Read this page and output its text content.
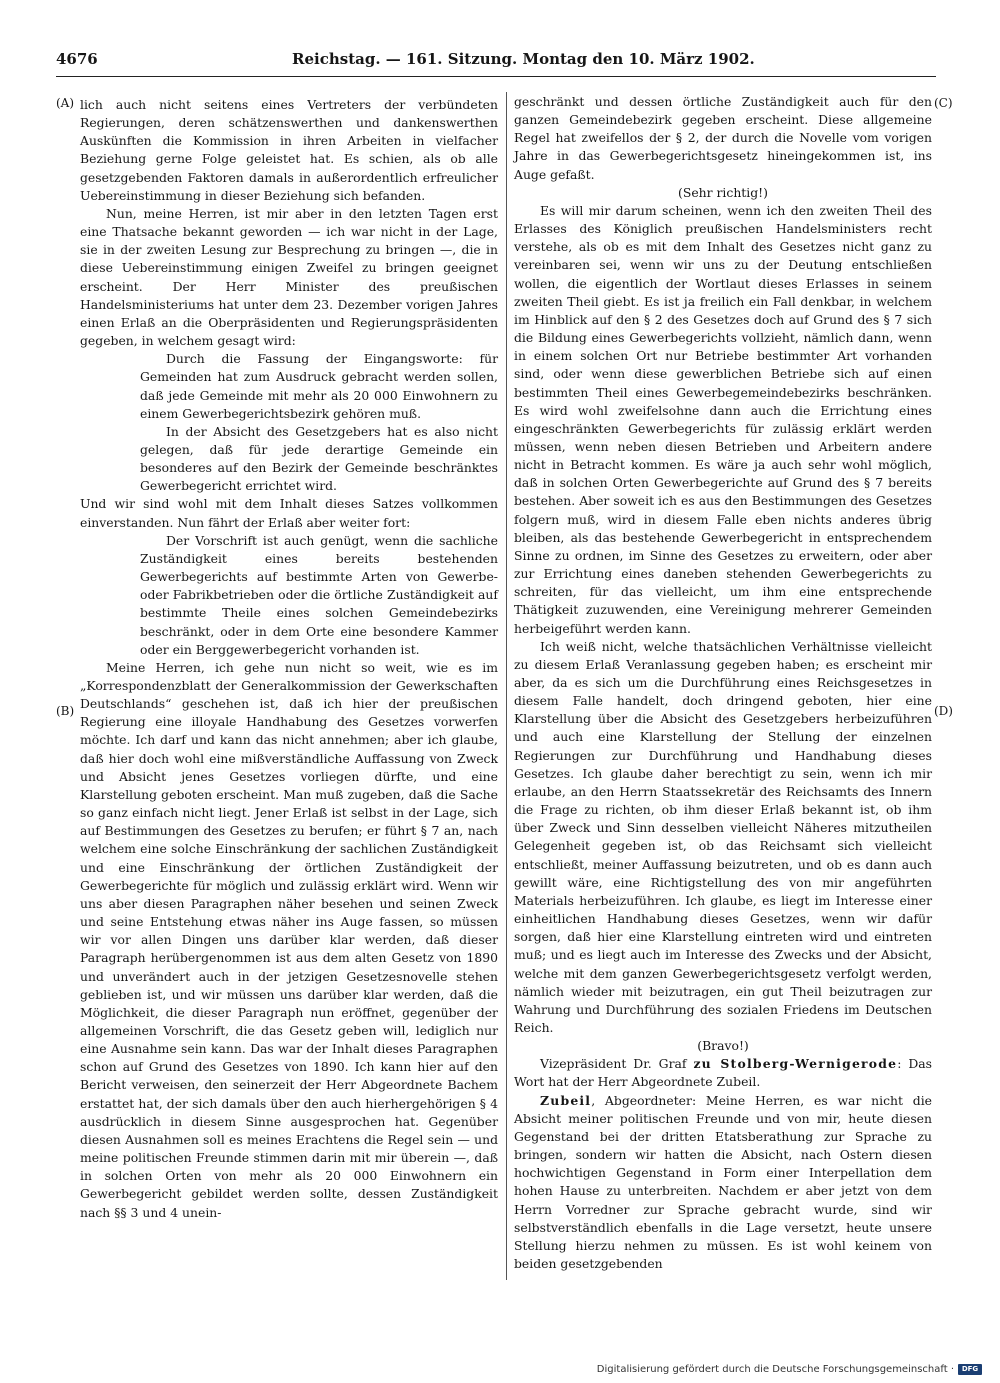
4676	Reichstag. — 161. Sitzung. Montag den 10. März 1902.
(A)
(B)
(C)
(D)

lich auch nicht seitens eines Vertreters der verbündeten Regierungen, deren schätzenswerthen und dankenswerthen Auskünften die Kommission in ihren Arbeiten in vielfacher Beziehung gerne Folge geleistet hat. Es schien, als ob alle gesetzgebenden Faktoren damals in außerordentlich erfreulicher Uebereinstimmung in dieser Beziehung sich befanden.

Nun, meine Herren, ist mir aber in den letzten Tagen erst eine Thatsache bekannt geworden — ich war nicht in der Lage, sie in der zweiten Lesung zur Besprechung zu bringen —, die in diese Uebereinstimmung einigen Zweifel zu bringen geeignet erscheint. Der Herr Minister des preußischen Handelsministeriums hat unter dem 23. Dezember vorigen Jahres einen Erlaß an die Oberpräsidenten und Regierungspräsidenten gegeben, in welchem gesagt wird:

Durch die Fassung der Eingangsworte: für Gemeinden hat zum Ausdruck gebracht werden sollen, daß jede Gemeinde mit mehr als 20 000 Einwohnern zu einem Gewerbegerichtsbezirk gehören muß.

In der Absicht des Gesetzgebers hat es also nicht gelegen, daß für jede derartige Gemeinde ein besonderes auf den Bezirk der Gemeinde beschränktes Gewerbegericht errichtet wird.

Und wir sind wohl mit dem Inhalt dieses Satzes vollkommen einverstanden. Nun fährt der Erlaß aber weiter fort:

Der Vorschrift ist auch genügt, wenn die sachliche Zuständigkeit eines bereits bestehenden Gewerbegerichts auf bestimmte Arten von Gewerbe- oder Fabrikbetrieben oder die örtliche Zuständigkeit auf bestimmte Theile eines solchen Gemeindebezirks beschränkt, oder in dem Orte eine besondere Kammer oder ein Berggewerbegericht vorhanden ist.

Meine Herren, ich gehe nun nicht so weit, wie es im „Korrespondenzblatt der Generalkommission der Gewerkschaften Deutschlands“ geschehen ist, daß ich hier der preußischen Regierung eine illoyale Handhabung des Gesetzes vorwerfen möchte. Ich darf und kann das nicht annehmen; aber ich glaube, daß hier doch wohl eine mißverständliche Auffassung von Zweck und Absicht jenes Gesetzes vorliegen dürfte, und eine Klarstellung geboten erscheint. Man muß zugeben, daß die Sache so ganz einfach nicht liegt. Jener Erlaß ist selbst in der Lage, sich auf Bestimmungen des Gesetzes zu berufen; er führt § 7 an, nach welchem eine solche Einschränkung der sachlichen Zuständigkeit und eine Einschränkung der örtlichen Zuständigkeit der Gewerbegerichte für möglich und zulässig erklärt wird. Wenn wir uns aber diesen Paragraphen näher besehen und seinen Zweck und seine Entstehung etwas näher ins Auge fassen, so müssen wir vor allen Dingen uns darüber klar werden, daß dieser Paragraph herübergenommen ist aus dem alten Gesetz von 1890 und unverändert auch in der jetzigen Gesetzesnovelle stehen geblieben ist, und wir müssen uns darüber klar werden, daß die Möglichkeit, die dieser Paragraph nun eröffnet, gegenüber der allgemeinen Vorschrift, die das Gesetz geben will, lediglich nur eine Ausnahme sein kann. Das war der Inhalt dieses Paragraphen schon auf Grund des Gesetzes von 1890. Ich kann hier auf den Bericht verweisen, den seinerzeit der Herr Abgeordnete Bachem erstattet hat, der sich damals über den auch hierhergehörigen § 4 ausdrücklich in diesem Sinne ausgesprochen hat. Gegenüber diesen Ausnahmen soll es meines Erachtens die Regel sein — und meine politischen Freunde stimmen darin mit mir überein —, daß in solchen Orten von mehr als 20 000 Einwohnern ein Gewerbegericht gebildet werden sollte, dessen Zuständigkeit nach §§ 3 und 4 unein-

geschränkt und dessen örtliche Zuständigkeit auch für den ganzen Gemeindebezirk gegeben erscheint. Diese allgemeine Regel hat zweifellos der § 2, der durch die Novelle vom vorigen Jahre in das Gewerbegerichtsgesetz hineingekommen ist, ins Auge gefaßt.

(Sehr richtig!)

Es will mir darum scheinen, wenn ich den zweiten Theil des Erlasses des Königlich preußischen Handelsministers recht verstehe, als ob es mit dem Inhalt des Gesetzes nicht ganz zu vereinbaren sei, wenn wir uns zu der Deutung entschließen wollen, die eigentlich der Wortlaut dieses Erlasses in seinem zweiten Theil giebt. Es ist ja freilich ein Fall denkbar, in welchem im Hinblick auf den § 2 des Gesetzes doch auf Grund des § 7 sich die Bildung eines Gewerbegerichts vollzieht, nämlich dann, wenn in einem solchen Ort nur Betriebe bestimmter Art vorhanden sind, oder wenn diese gewerblichen Betriebe sich auf einen bestimmten Theil eines Gewerbegemeindebezirks beschränken. Es wird wohl zweifelsohne dann auch die Errichtung eines eingeschränkten Gewerbegerichts für zulässig erklärt werden müssen, wenn neben diesen Betrieben und Arbeitern andere nicht in Betracht kommen. Es wäre ja auch sehr wohl möglich, daß in solchen Orten Gewerbegerichte auf Grund des § 7 bereits bestehen. Aber soweit ich es aus den Bestimmungen des Gesetzes folgern muß, wird in diesem Falle eben nichts anderes übrig bleiben, als das bestehende Gewerbegericht in entsprechendem Sinne zu ordnen, im Sinne des Gesetzes zu erweitern, oder aber zur Errichtung eines daneben stehenden Gewerbegerichts zu schreiten, für das vielleicht, um ihm eine entsprechende Thätigkeit zuzuwenden, eine Vereinigung mehrerer Gemeinden herbeigeführt werden kann.

Ich weiß nicht, welche thatsächlichen Verhältnisse vielleicht zu diesem Erlaß Veranlassung gegeben haben; es erscheint mir aber, da es sich um die Durchführung eines Reichsgesetzes in diesem Falle handelt, doch dringend geboten, hier eine Klarstellung über die Absicht des Gesetzgebers herbeizuführen und auch eine Klarstellung der Stellung der einzelnen Regierungen zur Durchführung und Handhabung dieses Gesetzes. Ich glaube daher berechtigt zu sein, wenn ich mir erlaube, an den Herrn Staatssekretär des Reichsamts des Innern die Frage zu richten, ob ihm dieser Erlaß bekannt ist, ob ihm über Zweck und Sinn desselben vielleicht Näheres mitzutheilen Gelegenheit gegeben ist, ob das Reichsamt sich vielleicht entschließt, meiner Auffassung beizutreten, und ob es dann auch gewillt wäre, eine Richtigstellung des von mir angeführten Materials herbeizuführen. Ich glaube, es liegt im Interesse einer einheitlichen Handhabung dieses Gesetzes, wenn wir dafür sorgen, daß hier eine Klarstellung eintreten wird und eintreten muß; und es liegt auch im Interesse des Zwecks und der Absicht, welche mit dem ganzen Gewerbegerichtsgesetz verfolgt werden, nämlich wieder mit beizutragen, ein gut Theil beizutragen zur Wahrung und Durchführung des sozialen Friedens im Deutschen Reich.

(Bravo!)

Vizepräsident Dr. Graf zu Stolberg-Wernigerode: Das Wort hat der Herr Abgeordnete Zubeil.

Zubeil, Abgeordneter: Meine Herren, es war nicht die Absicht meiner politischen Freunde und von mir, heute diesen Gegenstand bei der dritten Etatsberathung zur Sprache zu bringen, sondern wir hatten die Absicht, nach Ostern diesen hochwichtigen Gegenstand in Form einer Interpellation dem hohen Hause zu unterbreiten. Nachdem er aber jetzt von dem Herrn Vorredner zur Sprache gebracht wurde, sind wir selbstverständlich ebenfalls in die Lage versetzt, heute unsere Stellung hierzu nehmen zu müssen. Es ist wohl keinem von beiden gesetzgebenden

Digitalisierung gefördert durch die Deutsche Forschungsgemeinschaft ·	DFG
